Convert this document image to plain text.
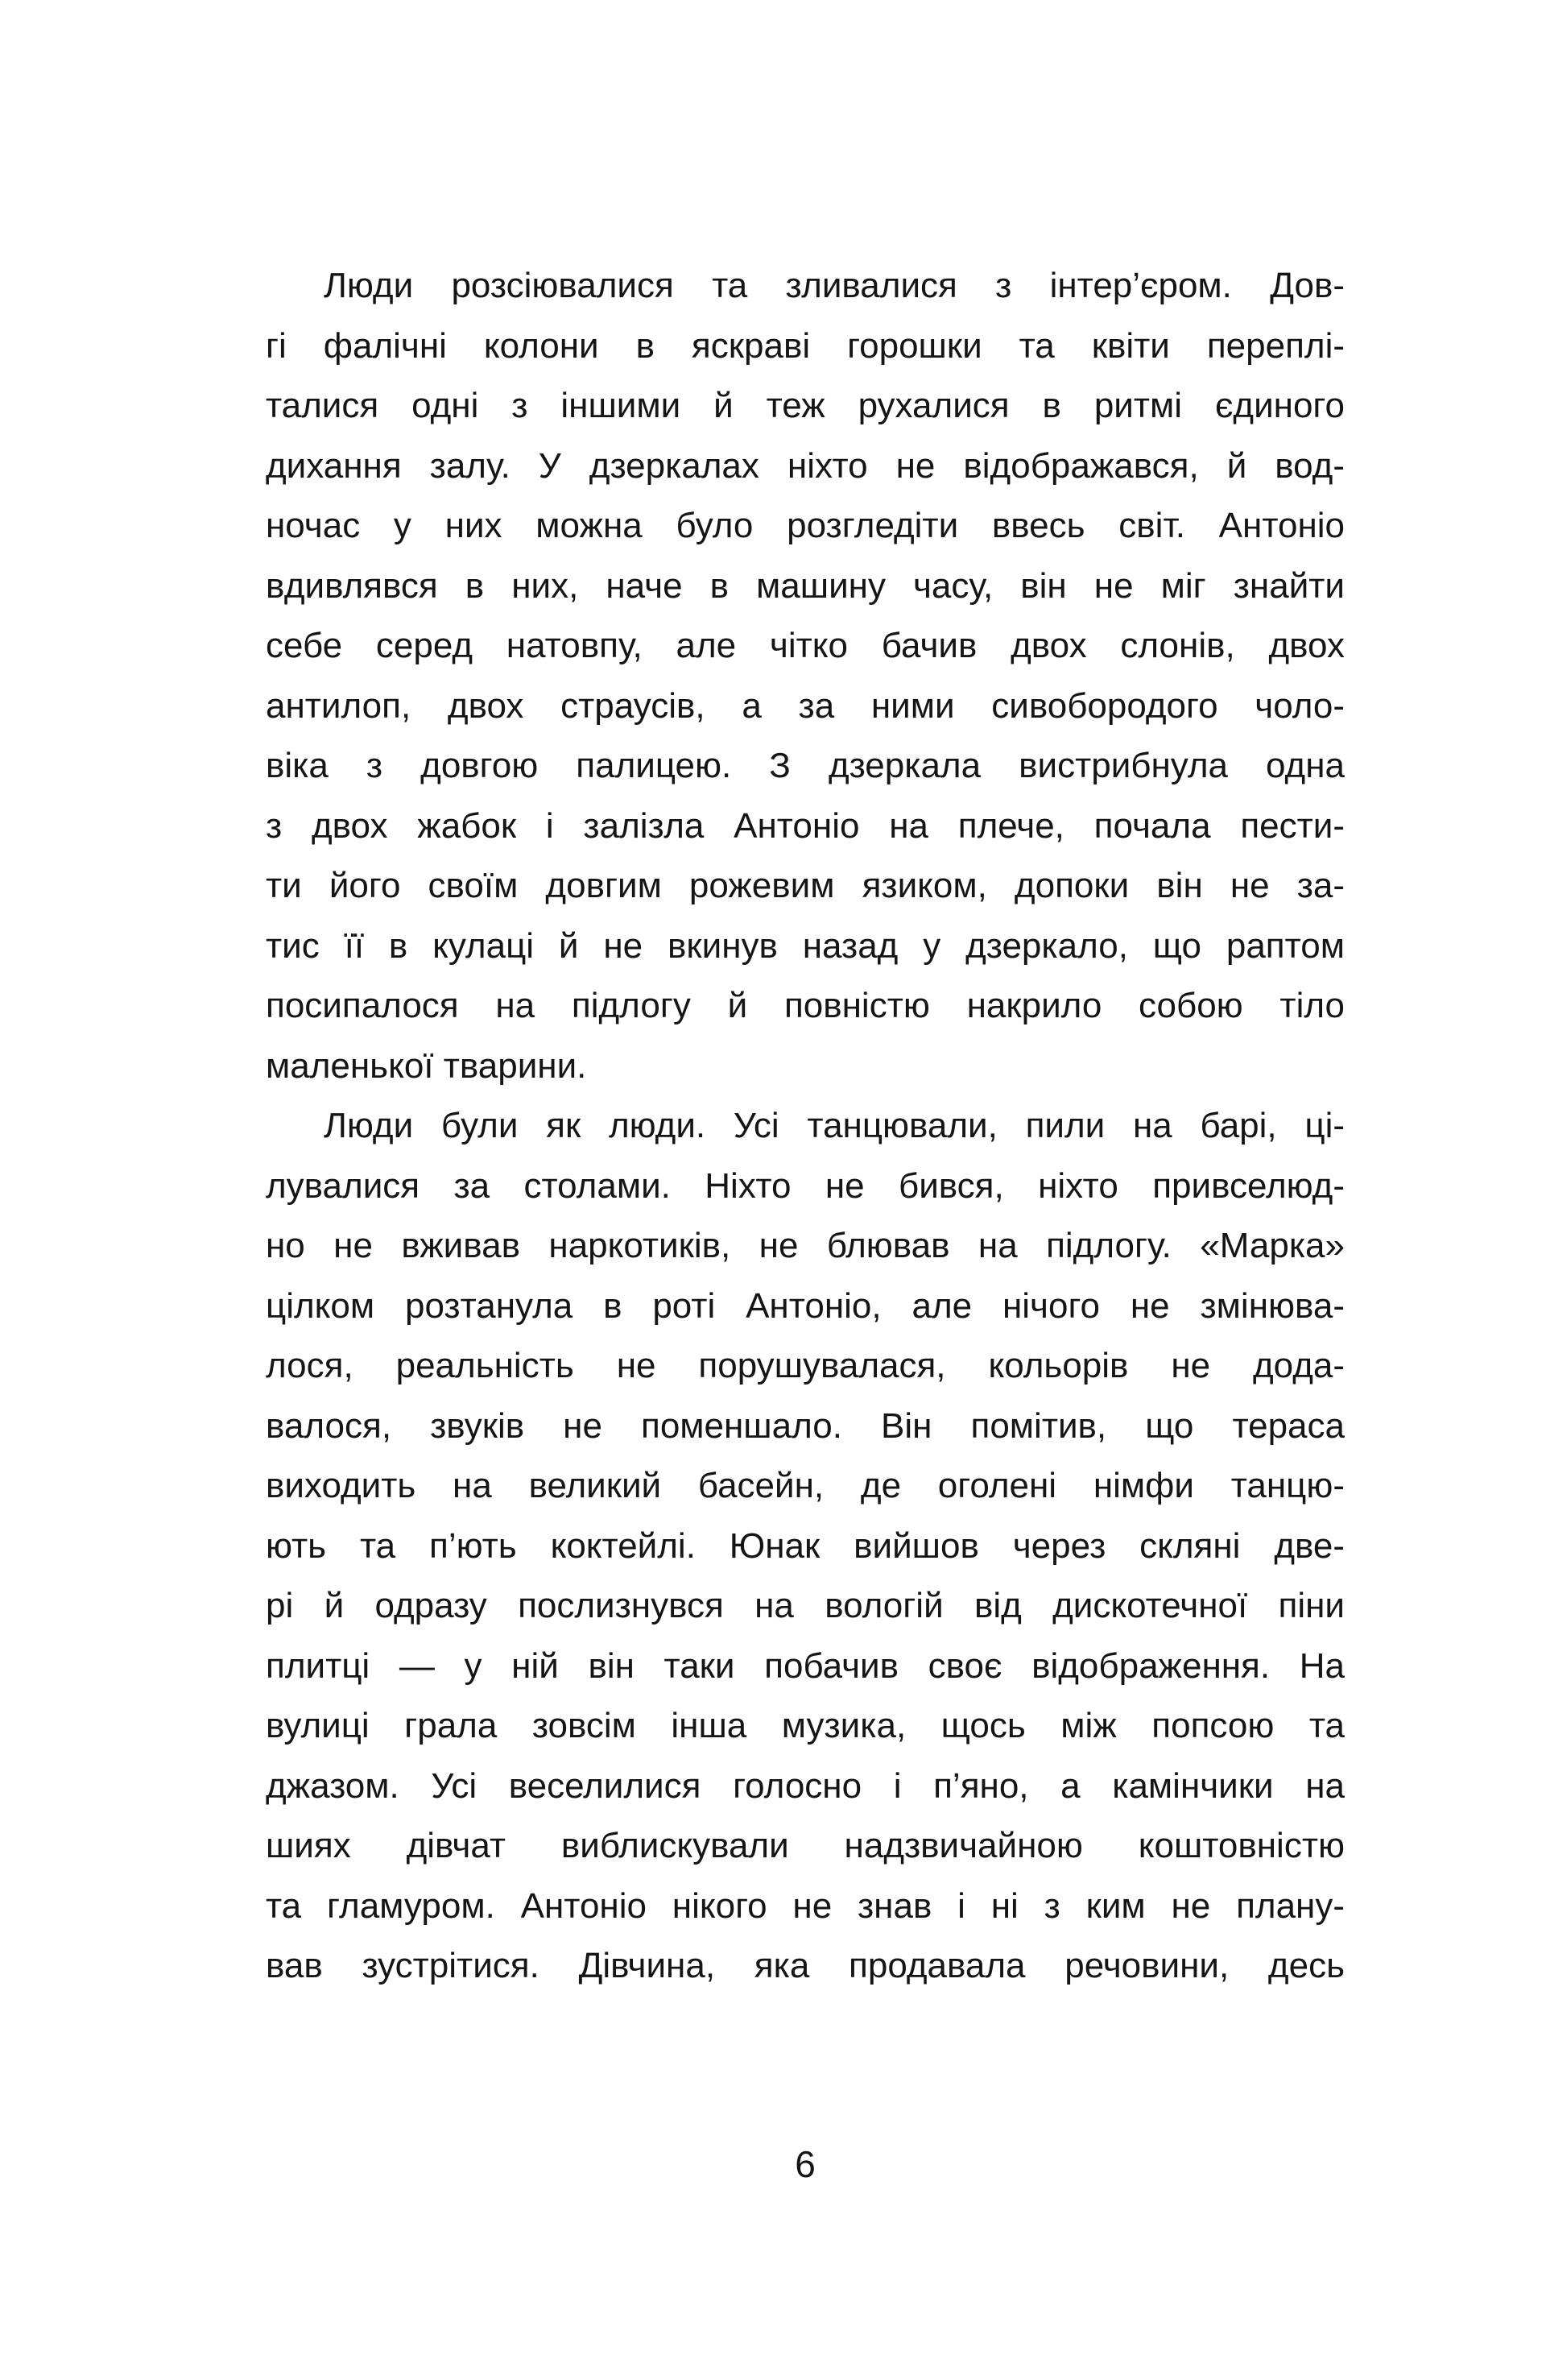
Люди розсіювалися та зливалися з інтер’єром. Дов-
гі фалічні колони в яскраві горошки та квіти переплі-
талися одні з іншими й теж рухалися в ритмі єдиного
дихання залу. У дзеркалах ніхто не відображався, й вод-
ночас у них можна було розгледіти ввесь світ. Антоніо
вдивлявся в них, наче в машину часу, він не міг знайти
себе серед натовпу, але чітко бачив двох слонів, двох
антилоп, двох страусів, а за ними сивобородого чоло-
віка з довгою палицею. З дзеркала вистрибнула одна
з двох жабок і залізла Антоніо на плече, почала пести-
ти його своїм довгим рожевим язиком, допоки він не за-
тис її в кулаці й не вкинув назад у дзеркало, що раптом
посипалося на підлогу й повністю накрило собою тіло
маленької тварини.
Люди були як люди. Усі танцювали, пили на барі, ці-
лувалися за столами. Ніхто не бився, ніхто привселюд-
но не вживав наркотиків, не блював на підлогу. «Марка»
цілком розтанула в роті Антоніо, але нічого не змінюва-
лося, реальність не порушувалася, кольорів не дода-
валося, звуків не поменшало. Він помітив, що тераса
виходить на великий басейн, де оголені німфи танцю-
ють та п’ють коктейлі. Юнак вийшов через скляні две-
рі й одразу послизнувся на вологій від дискотечної піни
плитці — у ній він таки побачив своє відображення. На
вулиці грала зовсім інша музика, щось між попсою та
джазом. Усі веселилися голосно і п’яно, а камінчики на
шиях дівчат виблискували надзвичайною коштовністю
та гламуром. Антоніо нікого не знав і ні з ким не плану-
вав зустрітися. Дівчина, яка продавала речовини, десь
6
